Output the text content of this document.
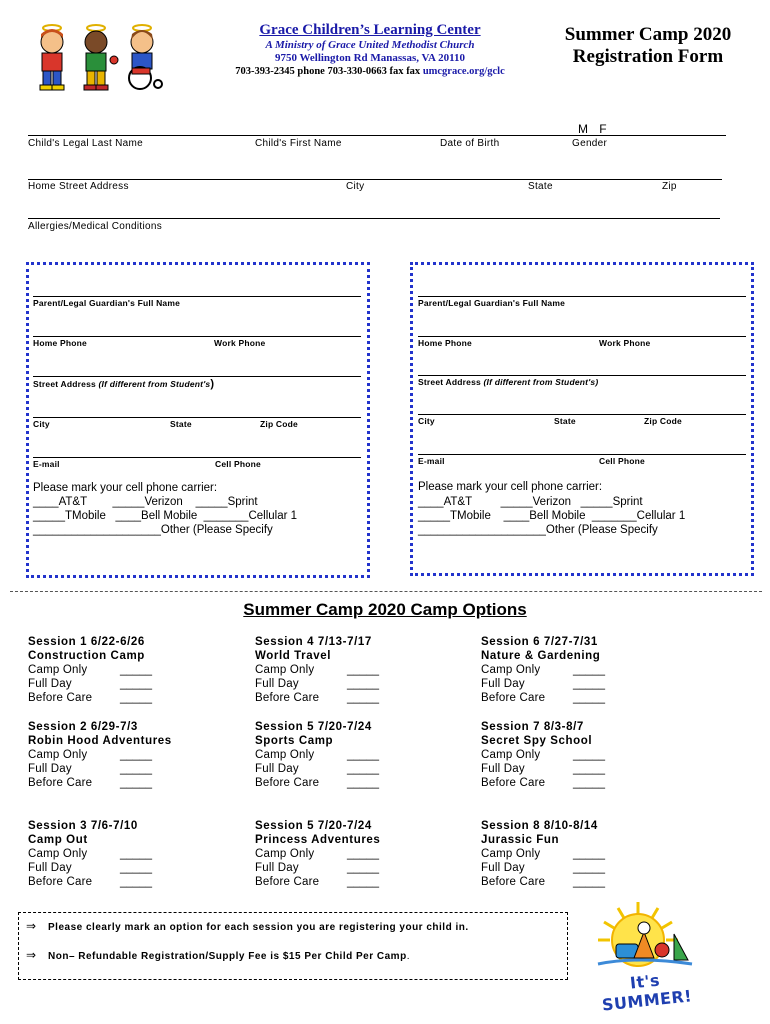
Grace Children’s Learning Center
A Ministry of Grace United Methodist Church
9750 Wellington Rd Manassas, VA 20110
703-393-2345 phone 703-330-0663 fax fax umcgrace.org/gclc
Summer Camp 2020
Registration Form
M   F
Child's Legal Last Name	Child's First Name	Date of Birth	Gender
Home Street Address	City	State	Zip
Allergies/Medical Conditions
Parent/Legal Guardian's Full Name
Home Phone	Work Phone
Street Address (If different from Student's)
City	State	Zip Code
E-mail	Cell Phone
Please mark your cell phone carrier:
____AT&T        _____Verizon    _____Sprint
_____TMobile   ____Bell Mobile  _______Cellular 1
____________________Other (Please Specify
Parent/Legal Guardian's Full Name
Home Phone	Work Phone
Street Address (If different from Student's)
City	State	Zip Code
E-mail	Cell Phone
Please mark your cell phone carrier:
____AT&T         _____Verizon   _____Sprint
_____TMobile    ____Bell Mobile  _______Cellular 1
____________________Other (Please Specify
Summer Camp 2020 Camp Options
Session 1 6/22-6/26
Construction Camp
Camp Only	_____
Full Day	_____
Before Care	_____
Session 4 7/13-7/17
World Travel
Camp Only	_____
Full Day	_____
Before Care	_____
Session 6 7/27-7/31
Nature & Gardening
Camp Only	_____
Full Day	_____
Before Care	_____
Session 2 6/29-7/3
Robin Hood Adventures
Camp Only	_____
Full Day	_____
Before Care	_____
Session 5 7/20-7/24
Sports Camp
Camp Only	_____
Full Day	_____
Before Care	_____
Session 7 8/3-8/7
Secret Spy School
Camp Only	_____
Full Day	_____
Before Care	_____
Session 3 7/6-7/10
Camp Out
Camp Only	_____
Full Day	_____
Before Care	_____
Session 5 7/20-7/24
Princess Adventures
Camp Only	_____
Full Day	_____
Before Care	_____
Session 8 8/10-8/14
Jurassic Fun
Camp Only	_____
Full Day	_____
Before Care	_____
⇒ Please clearly mark an option for each session you are registering your child in.
⇒ Non– Refundable Registration/Supply Fee is $15 Per Child Per Camp.
It's SUMMER!
